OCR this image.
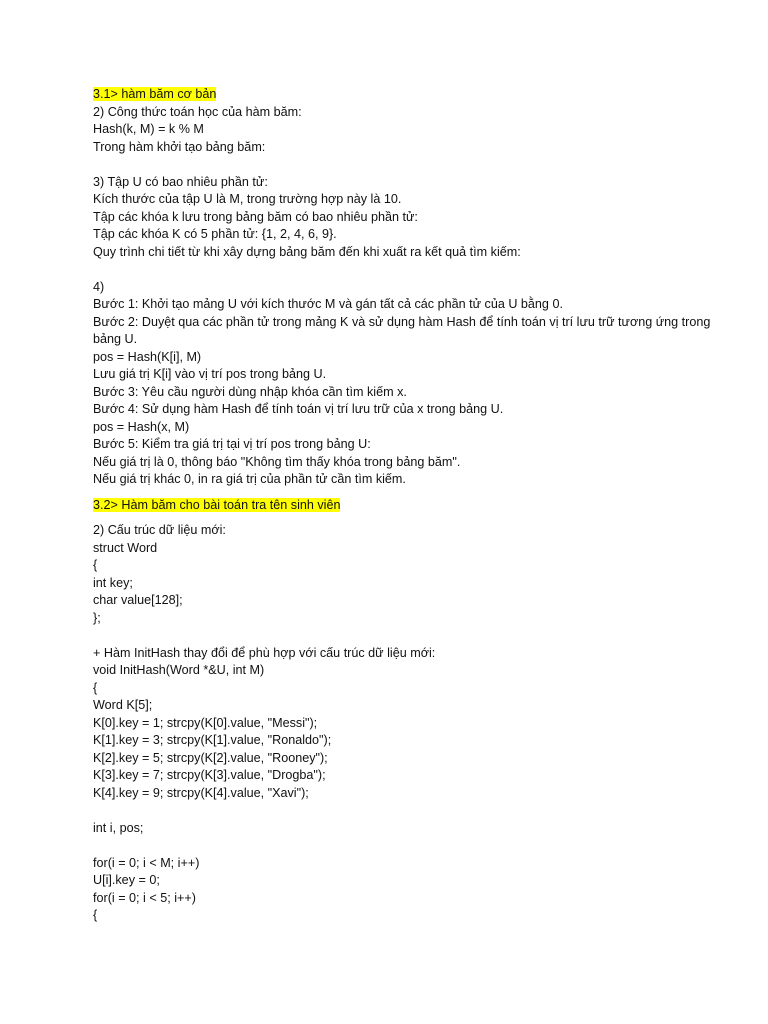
3.1> hàm băm cơ bản
2) Công thức toán học của hàm băm:
Hash(k, M) = k % M
Trong hàm khởi tạo bảng băm:
3) Tập U có bao nhiêu phần tử:
Kích thước của tập U là M, trong trường hợp này là 10.
Tập các khóa k lưu trong bảng băm có bao nhiêu phần tử:
Tập các khóa K có 5 phần tử: {1, 2, 4, 6, 9}.
Quy trình chi tiết từ khi xây dựng bảng băm đến khi xuất ra kết quả tìm kiếm:
4)
Bước 1: Khởi tạo mảng U với kích thước M và gán tất cả các phần tử của U bằng 0.
Bước 2: Duyệt qua các phần tử trong mảng K và sử dụng hàm Hash để tính toán vị trí lưu trữ tương ứng trong bảng U.
pos = Hash(K[i], M)
Lưu giá trị K[i] vào vị trí pos trong bảng U.
Bước 3: Yêu cầu người dùng nhập khóa cần tìm kiếm x.
Bước 4: Sử dụng hàm Hash để tính toán vị trí lưu trữ của x trong bảng U.
pos = Hash(x, M)
Bước 5: Kiểm tra giá trị tại vị trí pos trong bảng U:
Nếu giá trị là 0, thông báo "Không tìm thấy khóa trong bảng băm".
Nếu giá trị khác 0, in ra giá trị của phần tử cần tìm kiếm.
3.2> Hàm băm cho bài toán tra tên sinh viên
2) Cấu trúc dữ liệu mới:
struct Word
{
int key;
char value[128];
};
+ Hàm InitHash thay đổi để phù hợp với cấu trúc dữ liệu mới:
void InitHash(Word *&U, int M)
{
Word K[5];
K[0].key = 1; strcpy(K[0].value, "Messi");
K[1].key = 3; strcpy(K[1].value, "Ronaldo");
K[2].key = 5; strcpy(K[2].value, "Rooney");
K[3].key = 7; strcpy(K[3].value, "Drogba");
K[4].key = 9; strcpy(K[4].value, "Xavi");
int i, pos;
for(i = 0; i < M; i++)
U[i].key = 0;
for(i = 0; i < 5; i++)
{
